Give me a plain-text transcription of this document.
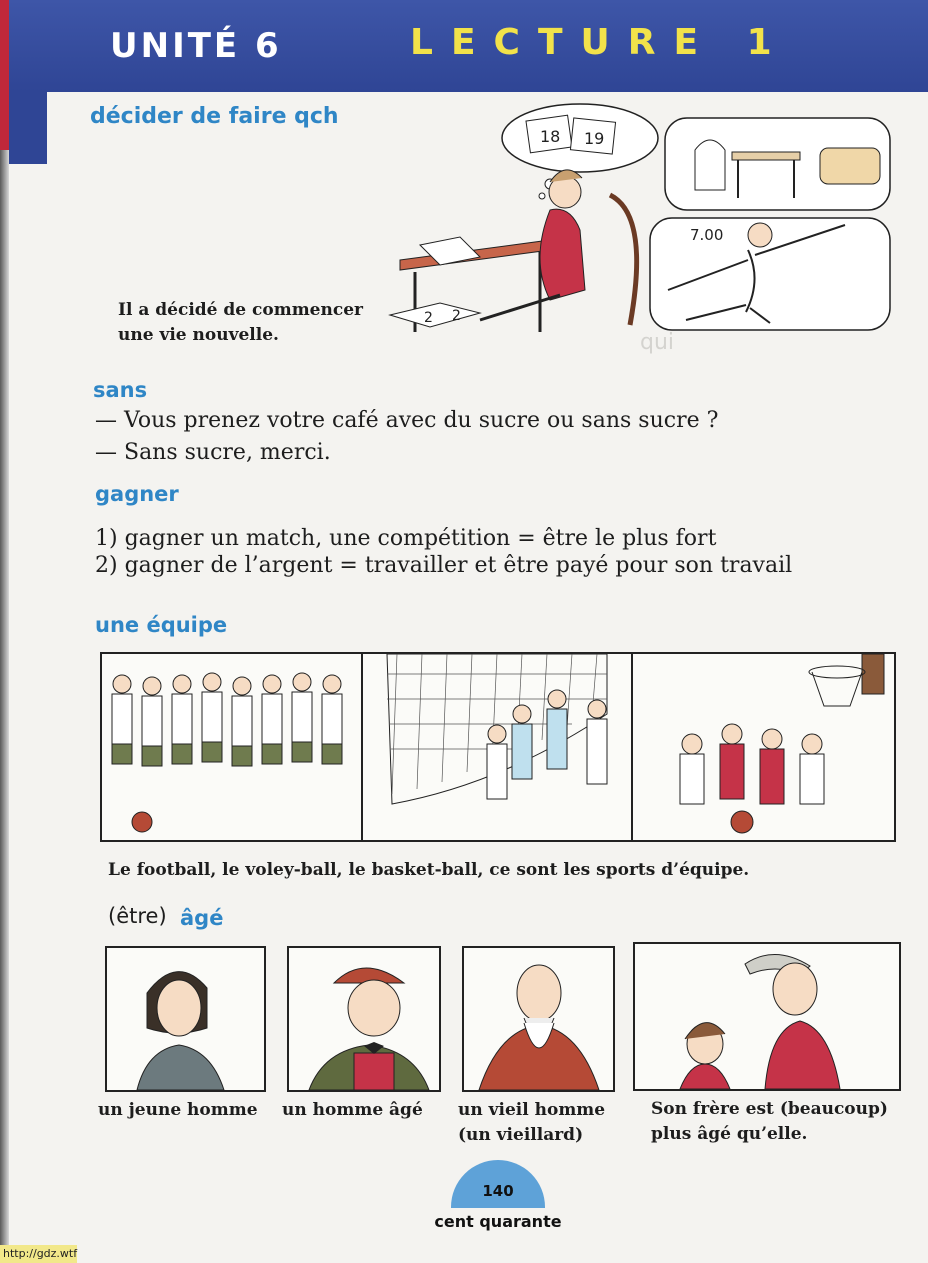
UNITÉ 6	LECTURE 1
qui
décider de faire qch
18 19
7.00
2 2
Il a décidé de commencer
une vie nouvelle.
sans
— Vous prenez votre café avec du sucre ou sans sucre ?
— Sans sucre, merci.
gagner
1) gagner un match, une compétition = être le plus fort
2) gagner de l’argent = travailler et être payé pour son travail
une équipe
Le football, le voley-ball, le basket-ball, ce sont les sports d’équipe.
(être) âgé
un jeune homme un homme âgé un vieil homme
(un vieillard)
Son frère est (beaucoup)
plus âgé qu’elle.
140
cent quarante
http://gdz.wtf
